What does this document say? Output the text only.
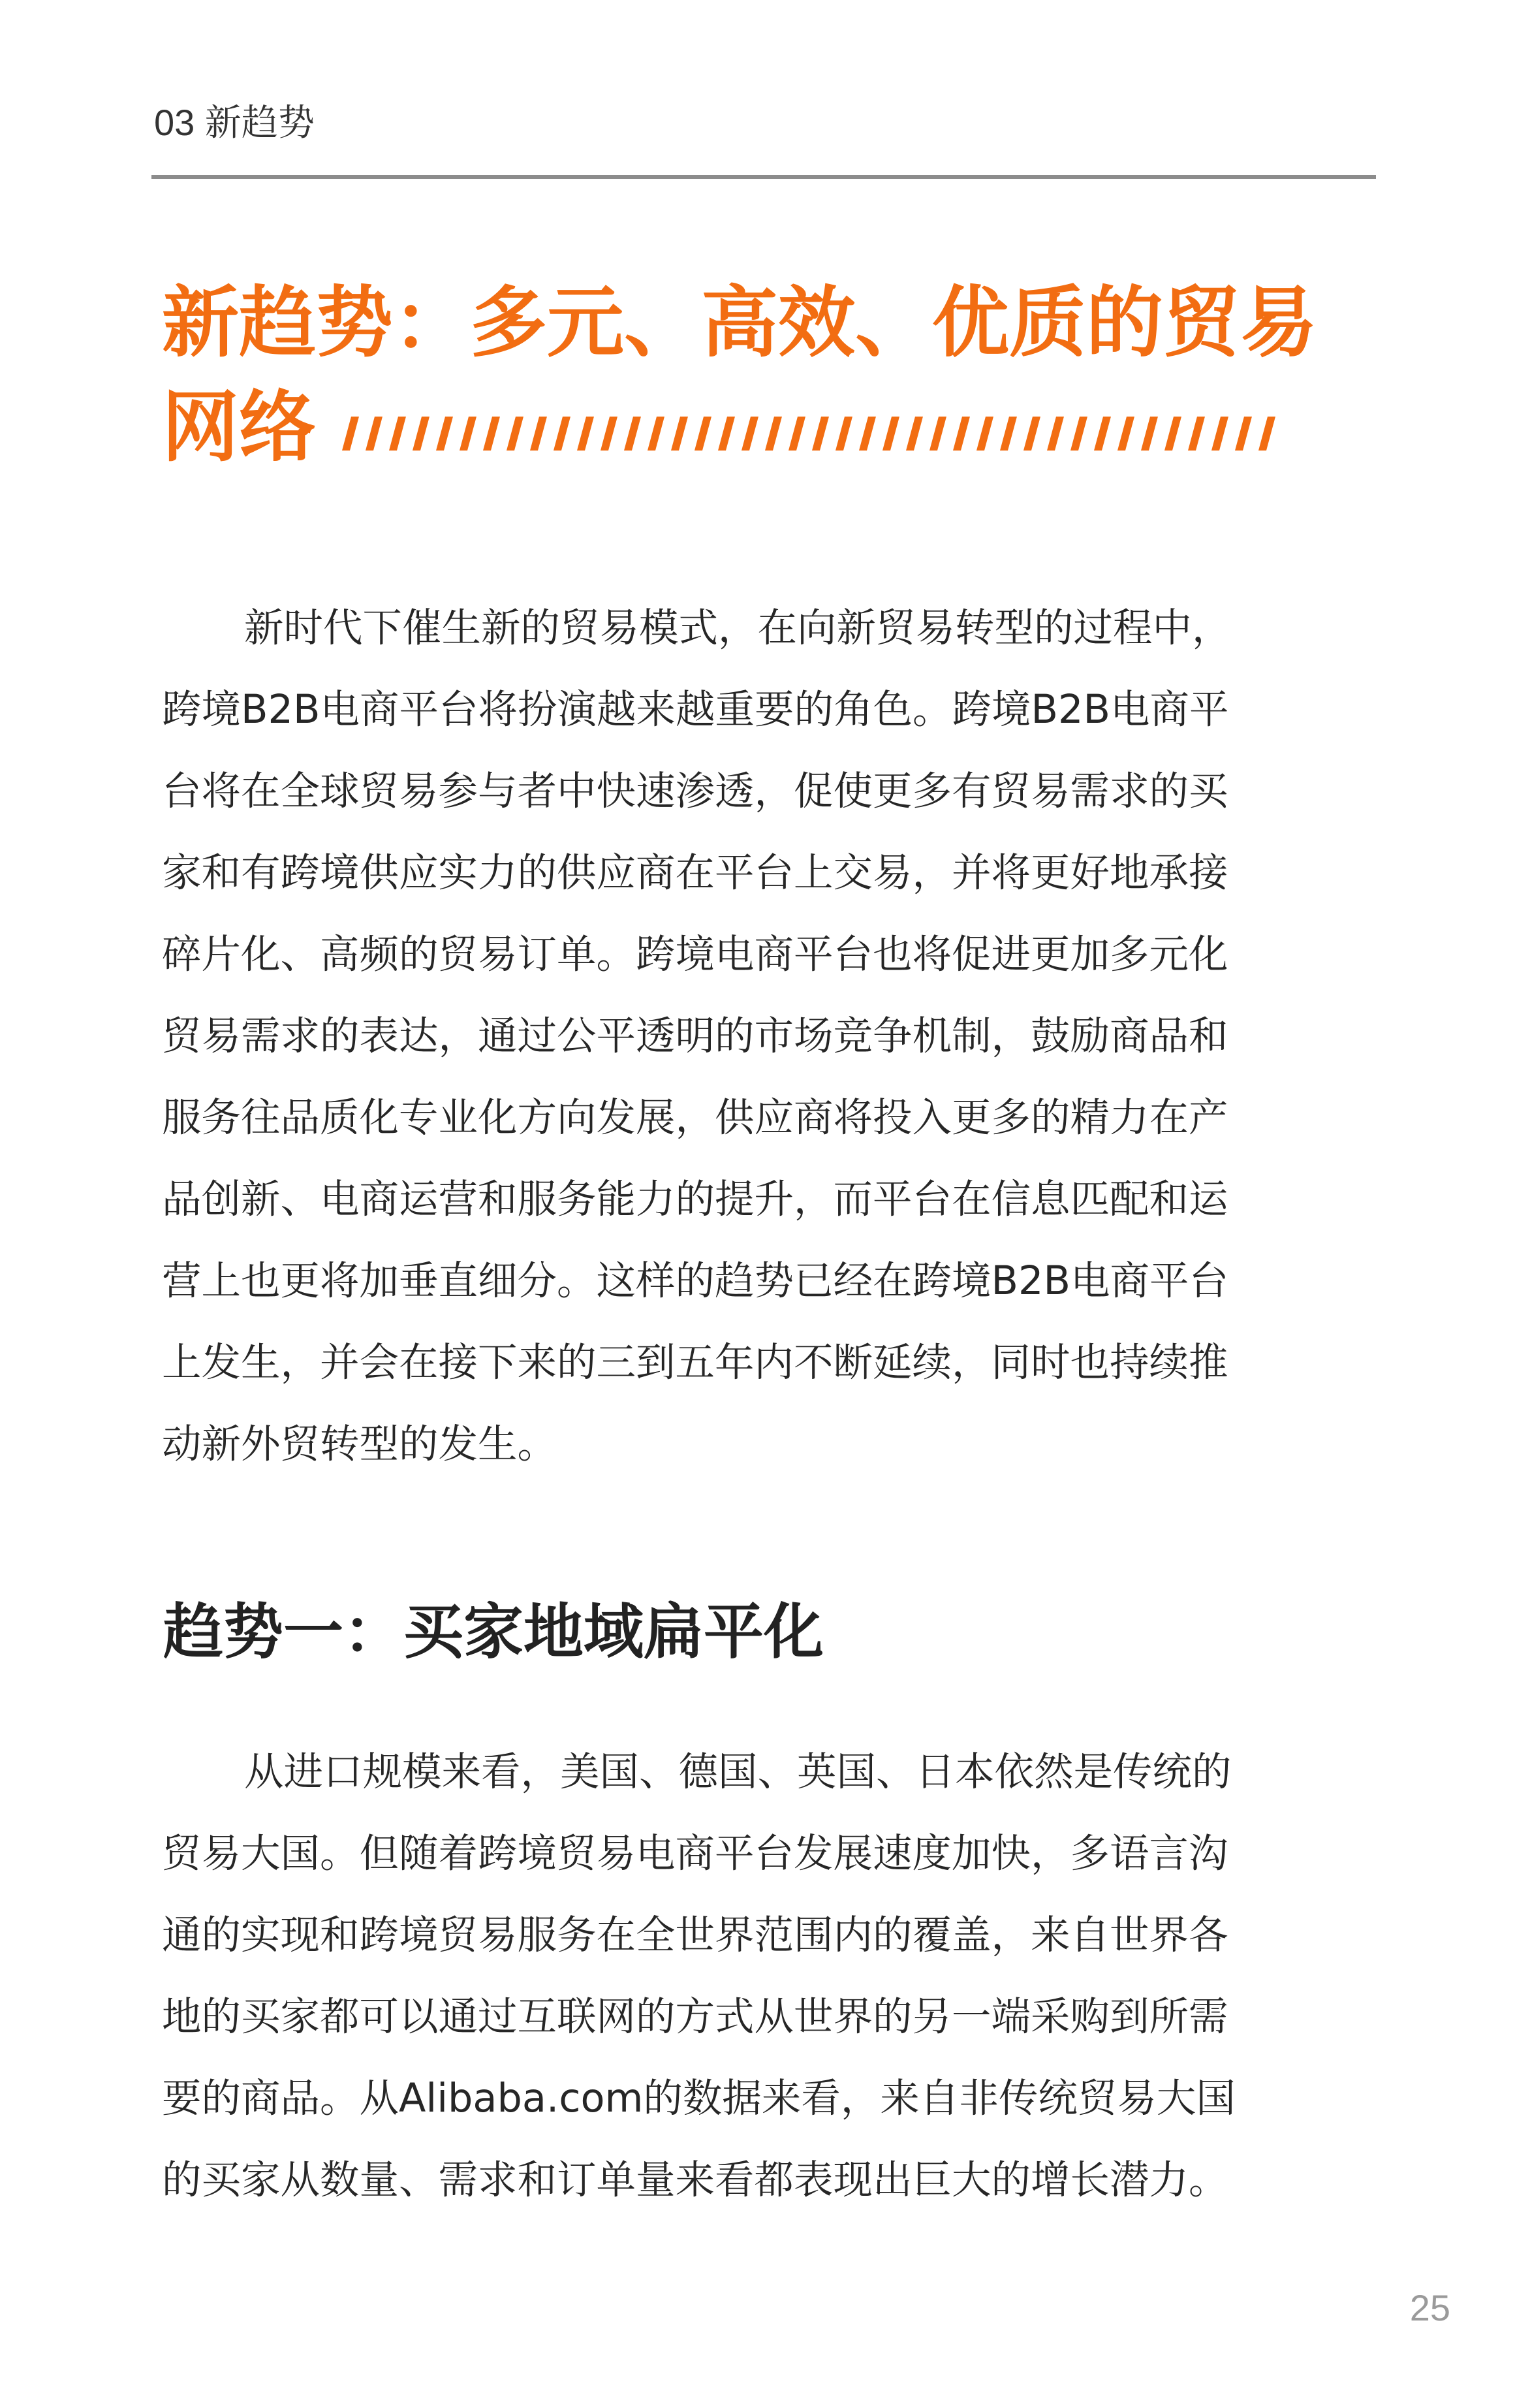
03 新趋势
新趋势：多元、高效、优质的贸易
网络
新时代下催生新的贸易模式，在向新贸易转型的过程中，
跨境B2B电商平台将扮演越来越重要的角色。跨境B2B电商平
台将在全球贸易参与者中快速渗透，促使更多有贸易需求的买
家和有跨境供应实力的供应商在平台上交易，并将更好地承接
碎片化、高频的贸易订单。跨境电商平台也将促进更加多元化
贸易需求的表达，通过公平透明的市场竞争机制，鼓励商品和
服务往品质化专业化方向发展，供应商将投入更多的精力在产
品创新、电商运营和服务能力的提升，而平台在信息匹配和运
营上也更将加垂直细分。这样的趋势已经在跨境B2B电商平台
上发生，并会在接下来的三到五年内不断延续，同时也持续推
动新外贸转型的发生。
趋势一：买家地域扁平化
从进口规模来看，美国、德国、英国、日本依然是传统的
贸易大国。但随着跨境贸易电商平台发展速度加快，多语言沟
通的实现和跨境贸易服务在全世界范围内的覆盖，来自世界各
地的买家都可以通过互联网的方式从世界的另一端采购到所需
要的商品。从Alibaba.com的数据来看，来自非传统贸易大国
的买家从数量、需求和订单量来看都表现出巨大的增长潜力。
25
